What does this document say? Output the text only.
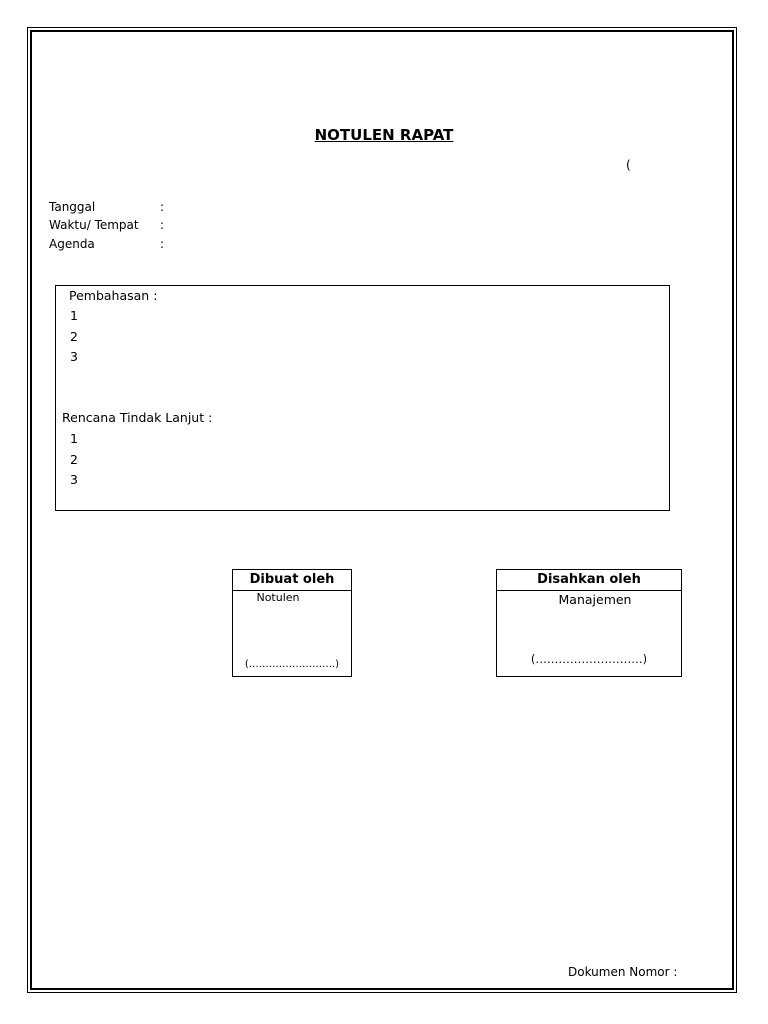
NOTULEN RAPAT
(
Tanggal	:
Waktu/ Tempat :
Agenda	:
Pembahasan :
1
2
3
Rencana Tindak Lanjut :
1
2
3
Dibuat oleh
Notulen
(……………………..)
Disahkan oleh
Manajemen
(……………………….)
Dokumen Nomor :
